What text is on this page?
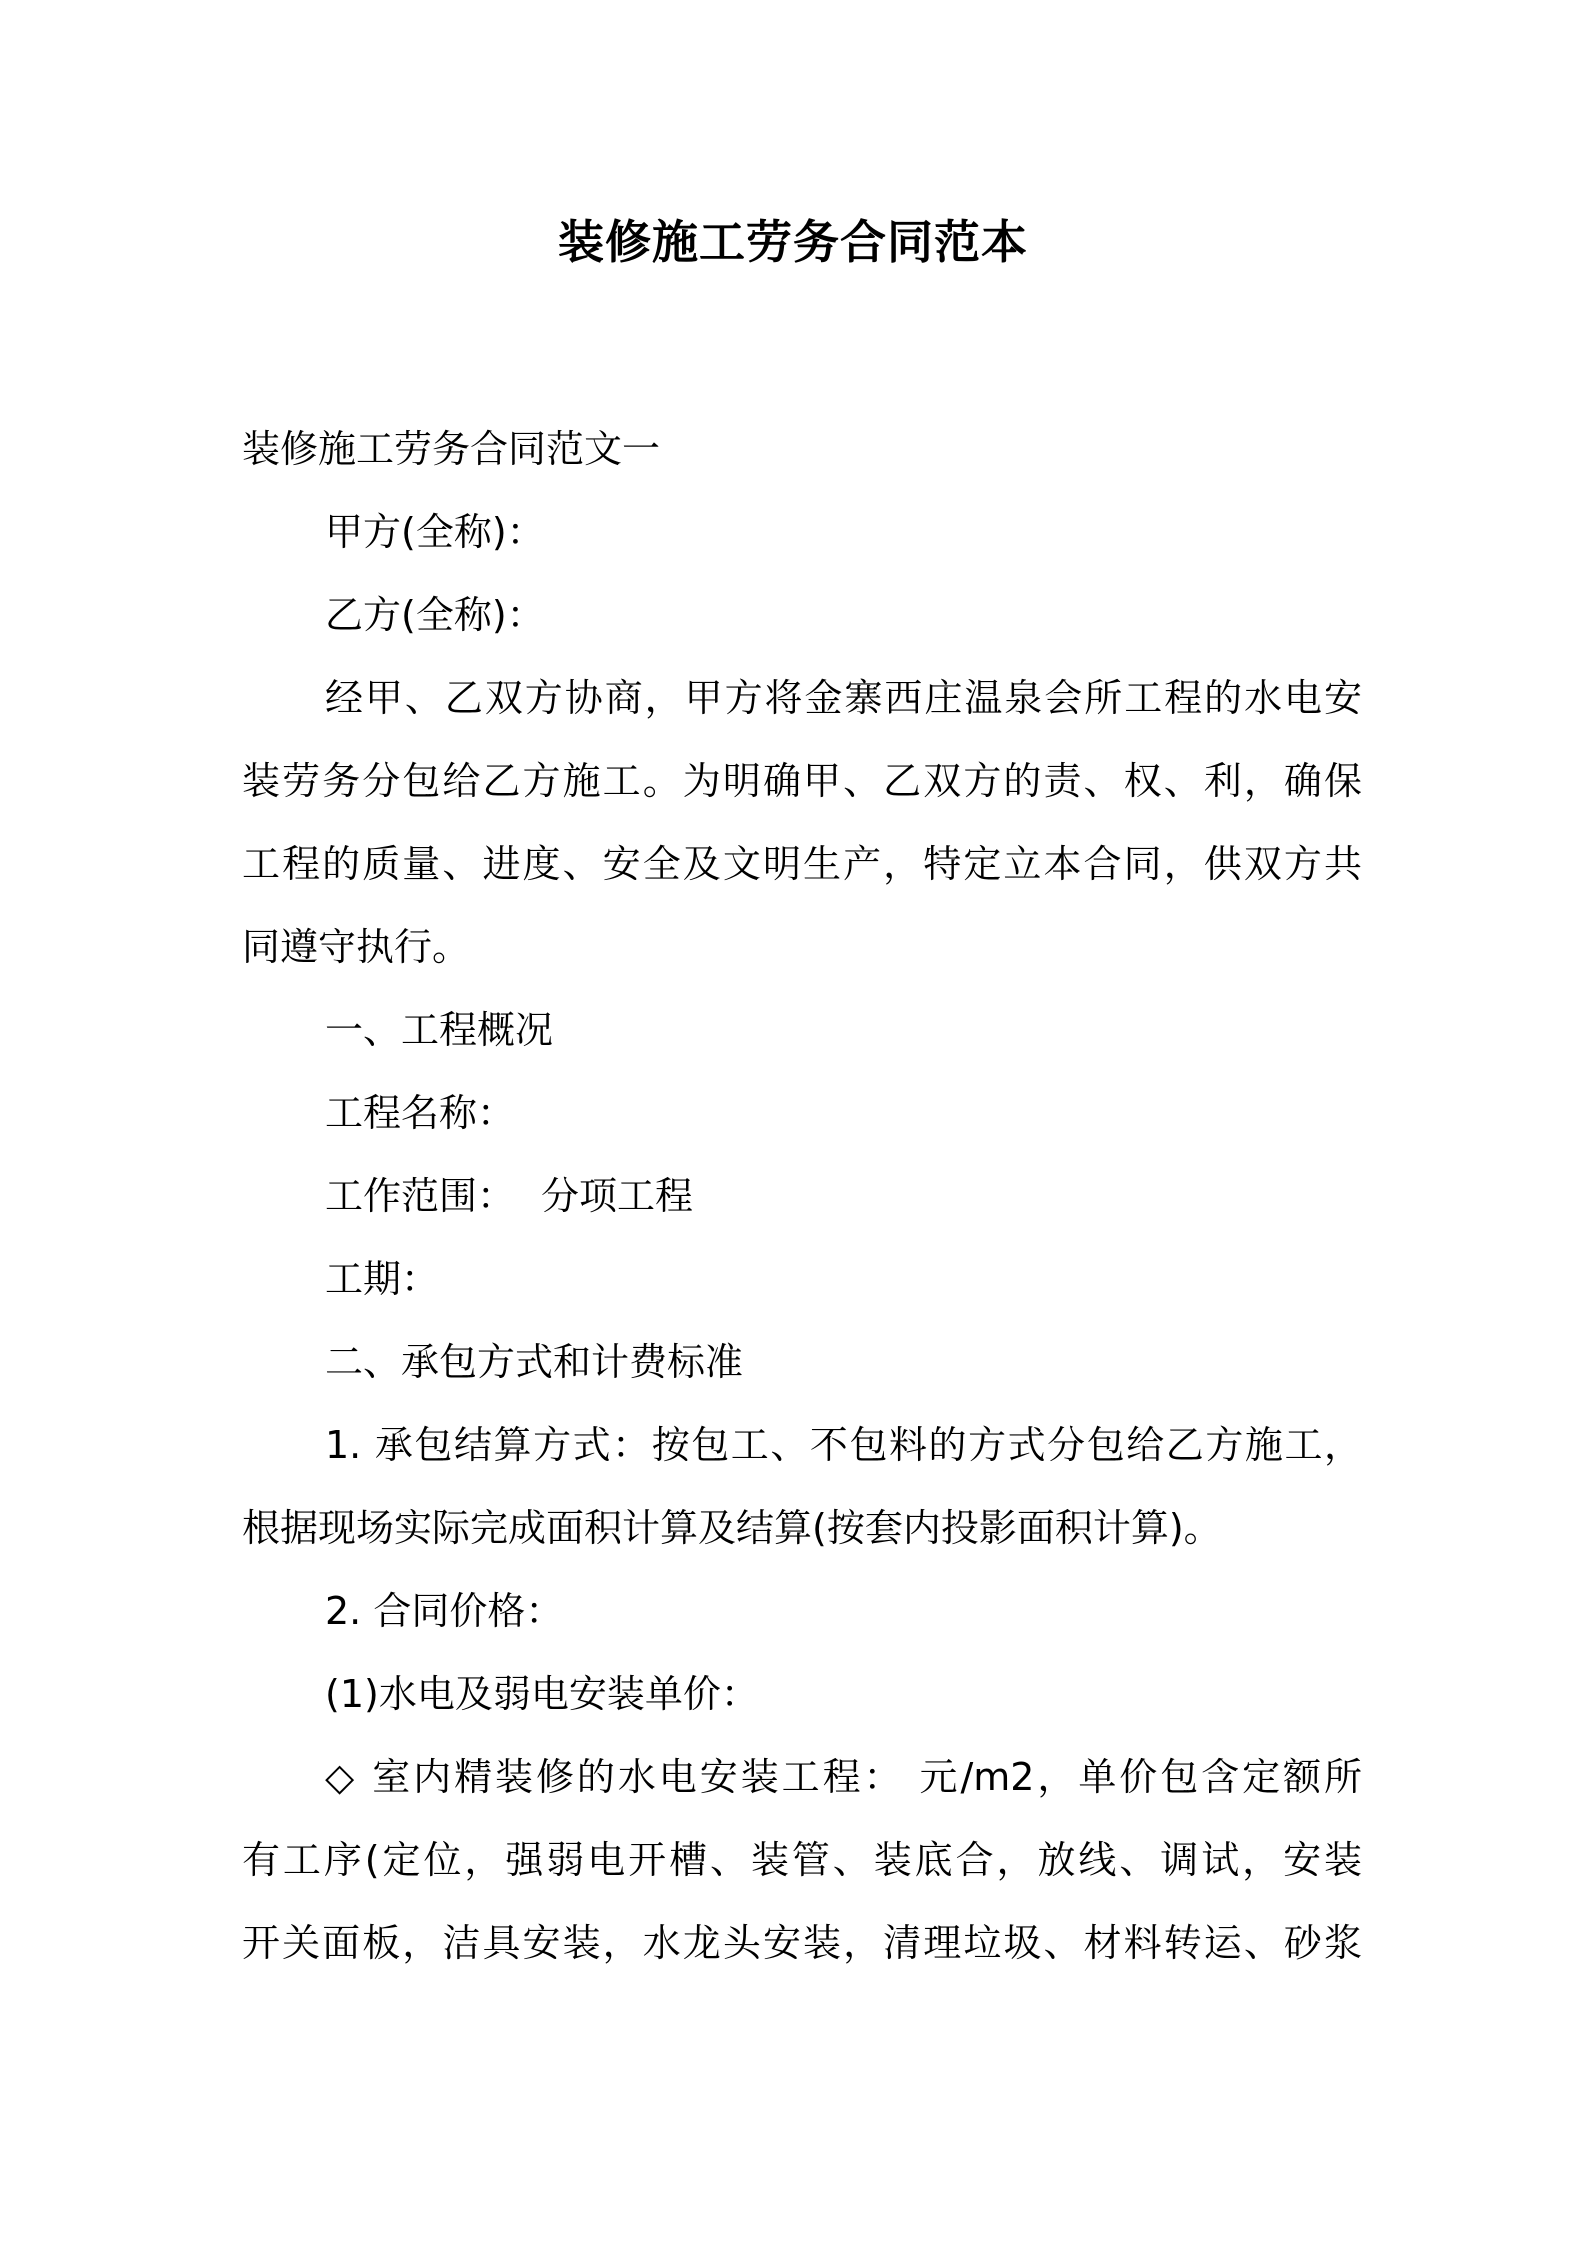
装修施工劳务合同范本
装修施工劳务合同范文一
甲方(全称)：
乙方(全称)：
经甲、乙双方协商，甲方将金寨西庄温泉会所工程的水电安
装劳务分包给乙方施工。为明确甲、乙双方的责、权、利，确保
工程的质量、进度、安全及文明生产，特定立本合同，供双方共
同遵守执行。
一、工程概况
工程名称：
工作范围： 分项工程
工期：
二、承包方式和计费标准
1. 承包结算方式：按包工、不包料的方式分包给乙方施工，
根据现场实际完成面积计算及结算(按套内投影面积计算)。
2. 合同价格：
(1)水电及弱电安装单价：
◇ 室内精装修的水电安装工程： 元/m2，单价包含定额所
有工序(定位，强弱电开槽、装管、装底合，放线、调试，安装
开关面板，洁具安装，水龙头安装，清理垃圾、材料转运、砂浆
